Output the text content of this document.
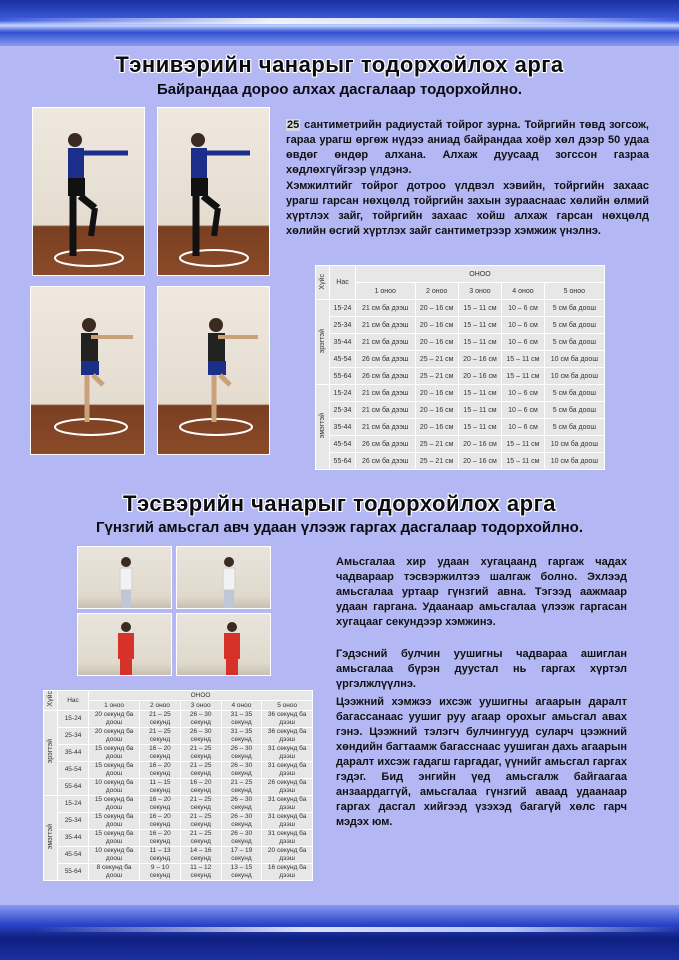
Тэнивэрийн чанарыг тодорхойлох арга
Байрандаа дороо алхах дасгалаар тодорхойлно.

25 сантиметрийн радиустай тойрог зурна. Тойргийн төвд зогсож, гараа урагш өргөж нүдээ аниад байрандаа хоёр хөл дээр 50 удаа өвдөг өндөр алхана. Алхаж дуусаад зогссон газраа хөдлөхгүйгээр үлдэнэ.

Хэмжилтийг тойрог дотроо үлдвэл хэвийн, тойргийн захаас урагш гарсан нөхцөлд тойргийн захын зурааснаас хөлийн өлмий хүртлэх зайг, тойргийн захаас хойш алхаж гарсан нөхцөлд хөлийн өсгий хүртлэх зайг сантиметрээр хэмжиж үнэлнэ.

Хүйс	Нас	ОНОО				
		1 оноо	2 оноо	3 оноо	4 оноо	5 оноо
эрэгтэй	15-24	21 см ба дээш	20 – 16 см	15 – 11 см	10 – 6 см	5 см ба доош
	25-34	21 см ба дээш	20 – 16 см	15 – 11 см	10 – 6 см	5 см ба доош
	35-44	21 см ба дээш	20 – 16 см	15 – 11 см	10 – 6 см	5 см ба доош
	45-54	26 см ба дээш	25 – 21 см	20 – 16 см	15 – 11 см	10 см ба доош
	55-64	26 см ба дээш	25 – 21 см	20 – 16 см	15 – 11 см	10 см ба доош
эмэгтэй	15-24	21 см ба дээш	20 – 16 см	15 – 11 см	10 – 6 см	5 см ба доош
	25-34	21 см ба дээш	20 – 16 см	15 – 11 см	10 – 6 см	5 см ба доош
	35-44	21 см ба дээш	20 – 16 см	15 – 11 см	10 – 6 см	5 см ба доош
	45-54	26 см ба дээш	25 – 21 см	20 – 16 см	15 – 11 см	10 см ба доош
	55-64	26 см ба дээш	25 – 21 см	20 – 16 см	15 – 11 см	10 см ба доош
Тэсвэрийн чанарыг тодорхойлох арга
Гүнзгий амьсгал авч удаан үлээж гаргах дасгалаар тодорхойлно.

Амьсгалаа хир удаан хугацаанд гаргаж чадах чадвараар тэсвэржилтээ шалгаж болно. Эхлээд амьсгалаа уртаар гүнзгий авна. Тэгээд аажмаар удаан гаргана. Удаанаар амьсгалаа үлээж гаргасан хугацааг секундээр хэмжинэ.

Гэдэсний булчин уушигны чадвараа ашиглан амьсгалаа бүрэн дуустал нь гаргах хүртэл үргэлжлүүлнэ.

Цээжний хэмжээ ихсэж уушигны агаарын даралт багассанаас уушиг руу агаар орохыг амьсгал авах гэнэ. Цээжний тэлэгч булчингууд суларч цээжний хөндийн багтаамж багасснаас уушиган дахь агаарын даралт ихсэж гадагш гаргадаг, үүнийг амьсгал гаргах гэдэг. Бид энгийн үед амьсгалж байгаагаа анзаардаггүй, амьсгалаа гүнзгий аваад удаанаар гаргах дасгал хийгээд үзэхэд багагүй хөлс гарч мэдэх юм.

Хүйс	Нас	ОНОО				
		1 оноо	2 оноо	3 оноо	4 оноо	5 оноо
эрэгтэй	15-24	20 секунд ба доош	21 – 25 секунд	26 – 30 секунд	31 – 35 секунд	36 секунд ба дээш
	25-34	20 секунд ба доош	21 – 25 секунд	26 – 30 секунд	31 – 35 секунд	36 секунд ба дээш
	35-44	15 секунд ба доош	16 – 20 секунд	21 – 25 секунд	26 – 30 секунд	31 секунд ба дээш
	45-54	15 секунд ба доош	16 – 20 секунд	21 – 25 секунд	26 – 30 секунд	31 секунд ба дээш
	55-64	10 секунд ба доош	11 – 15 секунд	16 – 20 секунд	21 – 25 секунд	26 секунд ба дээш
эмэгтэй	15-24	15 секунд ба доош	16 – 20 секунд	21 – 25 секунд	26 – 30 секунд	31 секунд ба дээш
	25-34	15 секунд ба доош	16 – 20 секунд	21 – 25 секунд	26 – 30 секунд	31 секунд ба дээш
	35-44	15 секунд ба доош	16 – 20 секунд	21 – 25 секунд	26 – 30 секунд	31 секунд ба дээш
	45-54	10 секунд ба доош	11 – 13 секунд	14 – 16 секунд	17 – 19 секунд	20 секунд ба дээш
	55-64	8 секунд ба доош	9 – 10 секунд	11 – 12 секунд	13 – 15 секунд	16 секунд ба дээш
